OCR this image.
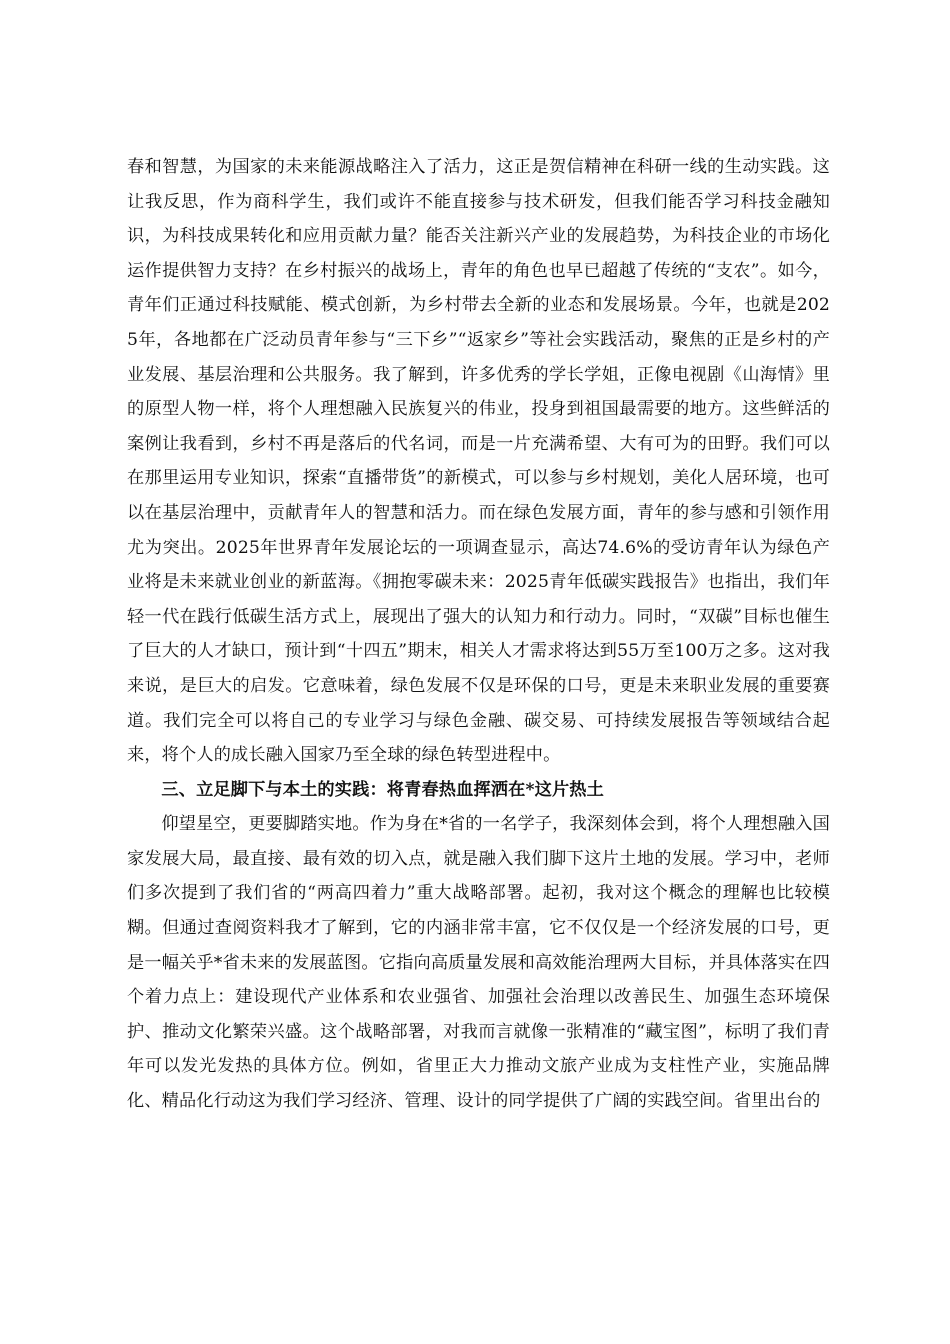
春和智慧，为国家的未来能源战略注入了活力，这正是贺信精神在科研一线的生动实践。这让我反思，作为商科学生，我们或许不能直接参与技术研发，但我们能否学习科技金融知识，为科技成果转化和应用贡献力量？能否关注新兴产业的发展趋势，为科技企业的市场化运作提供智力支持？在乡村振兴的战场上，青年的角色也早已超越了传统的“支农”。如今，青年们正通过科技赋能、模式创新，为乡村带去全新的业态和发展场景。今年，也就是2025年，各地都在广泛动员青年参与“三下乡”“返家乡”等社会实践活动，聚焦的正是乡村的产业发展、基层治理和公共服务。我了解到，许多优秀的学长学姐，正像电视剧《山海情》里的原型人物一样，将个人理想融入民族复兴的伟业，投身到祖国最需要的地方。这些鲜活的案例让我看到，乡村不再是落后的代名词，而是一片充满希望、大有可为的田野。我们可以在那里运用专业知识，探索“直播带货”的新模式，可以参与乡村规划，美化人居环境，也可以在基层治理中，贡献青年人的智慧和活力。而在绿色发展方面，青年的参与感和引领作用尤为突出。2025年世界青年发展论坛的一项调查显示，高达74.6%的受访青年认为绿色产业将是未来就业创业的新蓝海。《拥抱零碳未来：2025青年低碳实践报告》也指出，我们年轻一代在践行低碳生活方式上，展现出了强大的认知力和行动力。同时，“双碳”目标也催生了巨大的人才缺口，预计到“十四五”期末，相关人才需求将达到55万至100万之多。这对我来说，是巨大的启发。它意味着，绿色发展不仅是环保的口号，更是未来职业发展的重要赛道。我们完全可以将自己的专业学习与绿色金融、碳交易、可持续发展报告等领域结合起来，将个人的成长融入国家乃至全球的绿色转型进程中。

三、立足脚下与本土的实践：将青春热血挥洒在*这片热土

仰望星空，更要脚踏实地。作为身在*省的一名学子，我深刻体会到，将个人理想融入国家发展大局，最直接、最有效的切入点，就是融入我们脚下这片土地的发展。学习中，老师们多次提到了我们省的“两高四着力”重大战略部署。起初，我对这个概念的理解也比较模糊。但通过查阅资料我才了解到，它的内涵非常丰富，它不仅仅是一个经济发展的口号，更是一幅关乎*省未来的发展蓝图。它指向高质量发展和高效能治理两大目标，并具体落实在四个着力点上：建设现代产业体系和农业强省、加强社会治理以改善民生、加强生态环境保护、推动文化繁荣兴盛。这个战略部署，对我而言就像一张精准的“藏宝图”，标明了我们青年可以发光发热的具体方位。例如，省里正大力推动文旅产业成为支柱性产业，实施品牌化、精品化行动这为我们学习经济、管理、设计的同学提供了广阔的实践空间。省里出台的
